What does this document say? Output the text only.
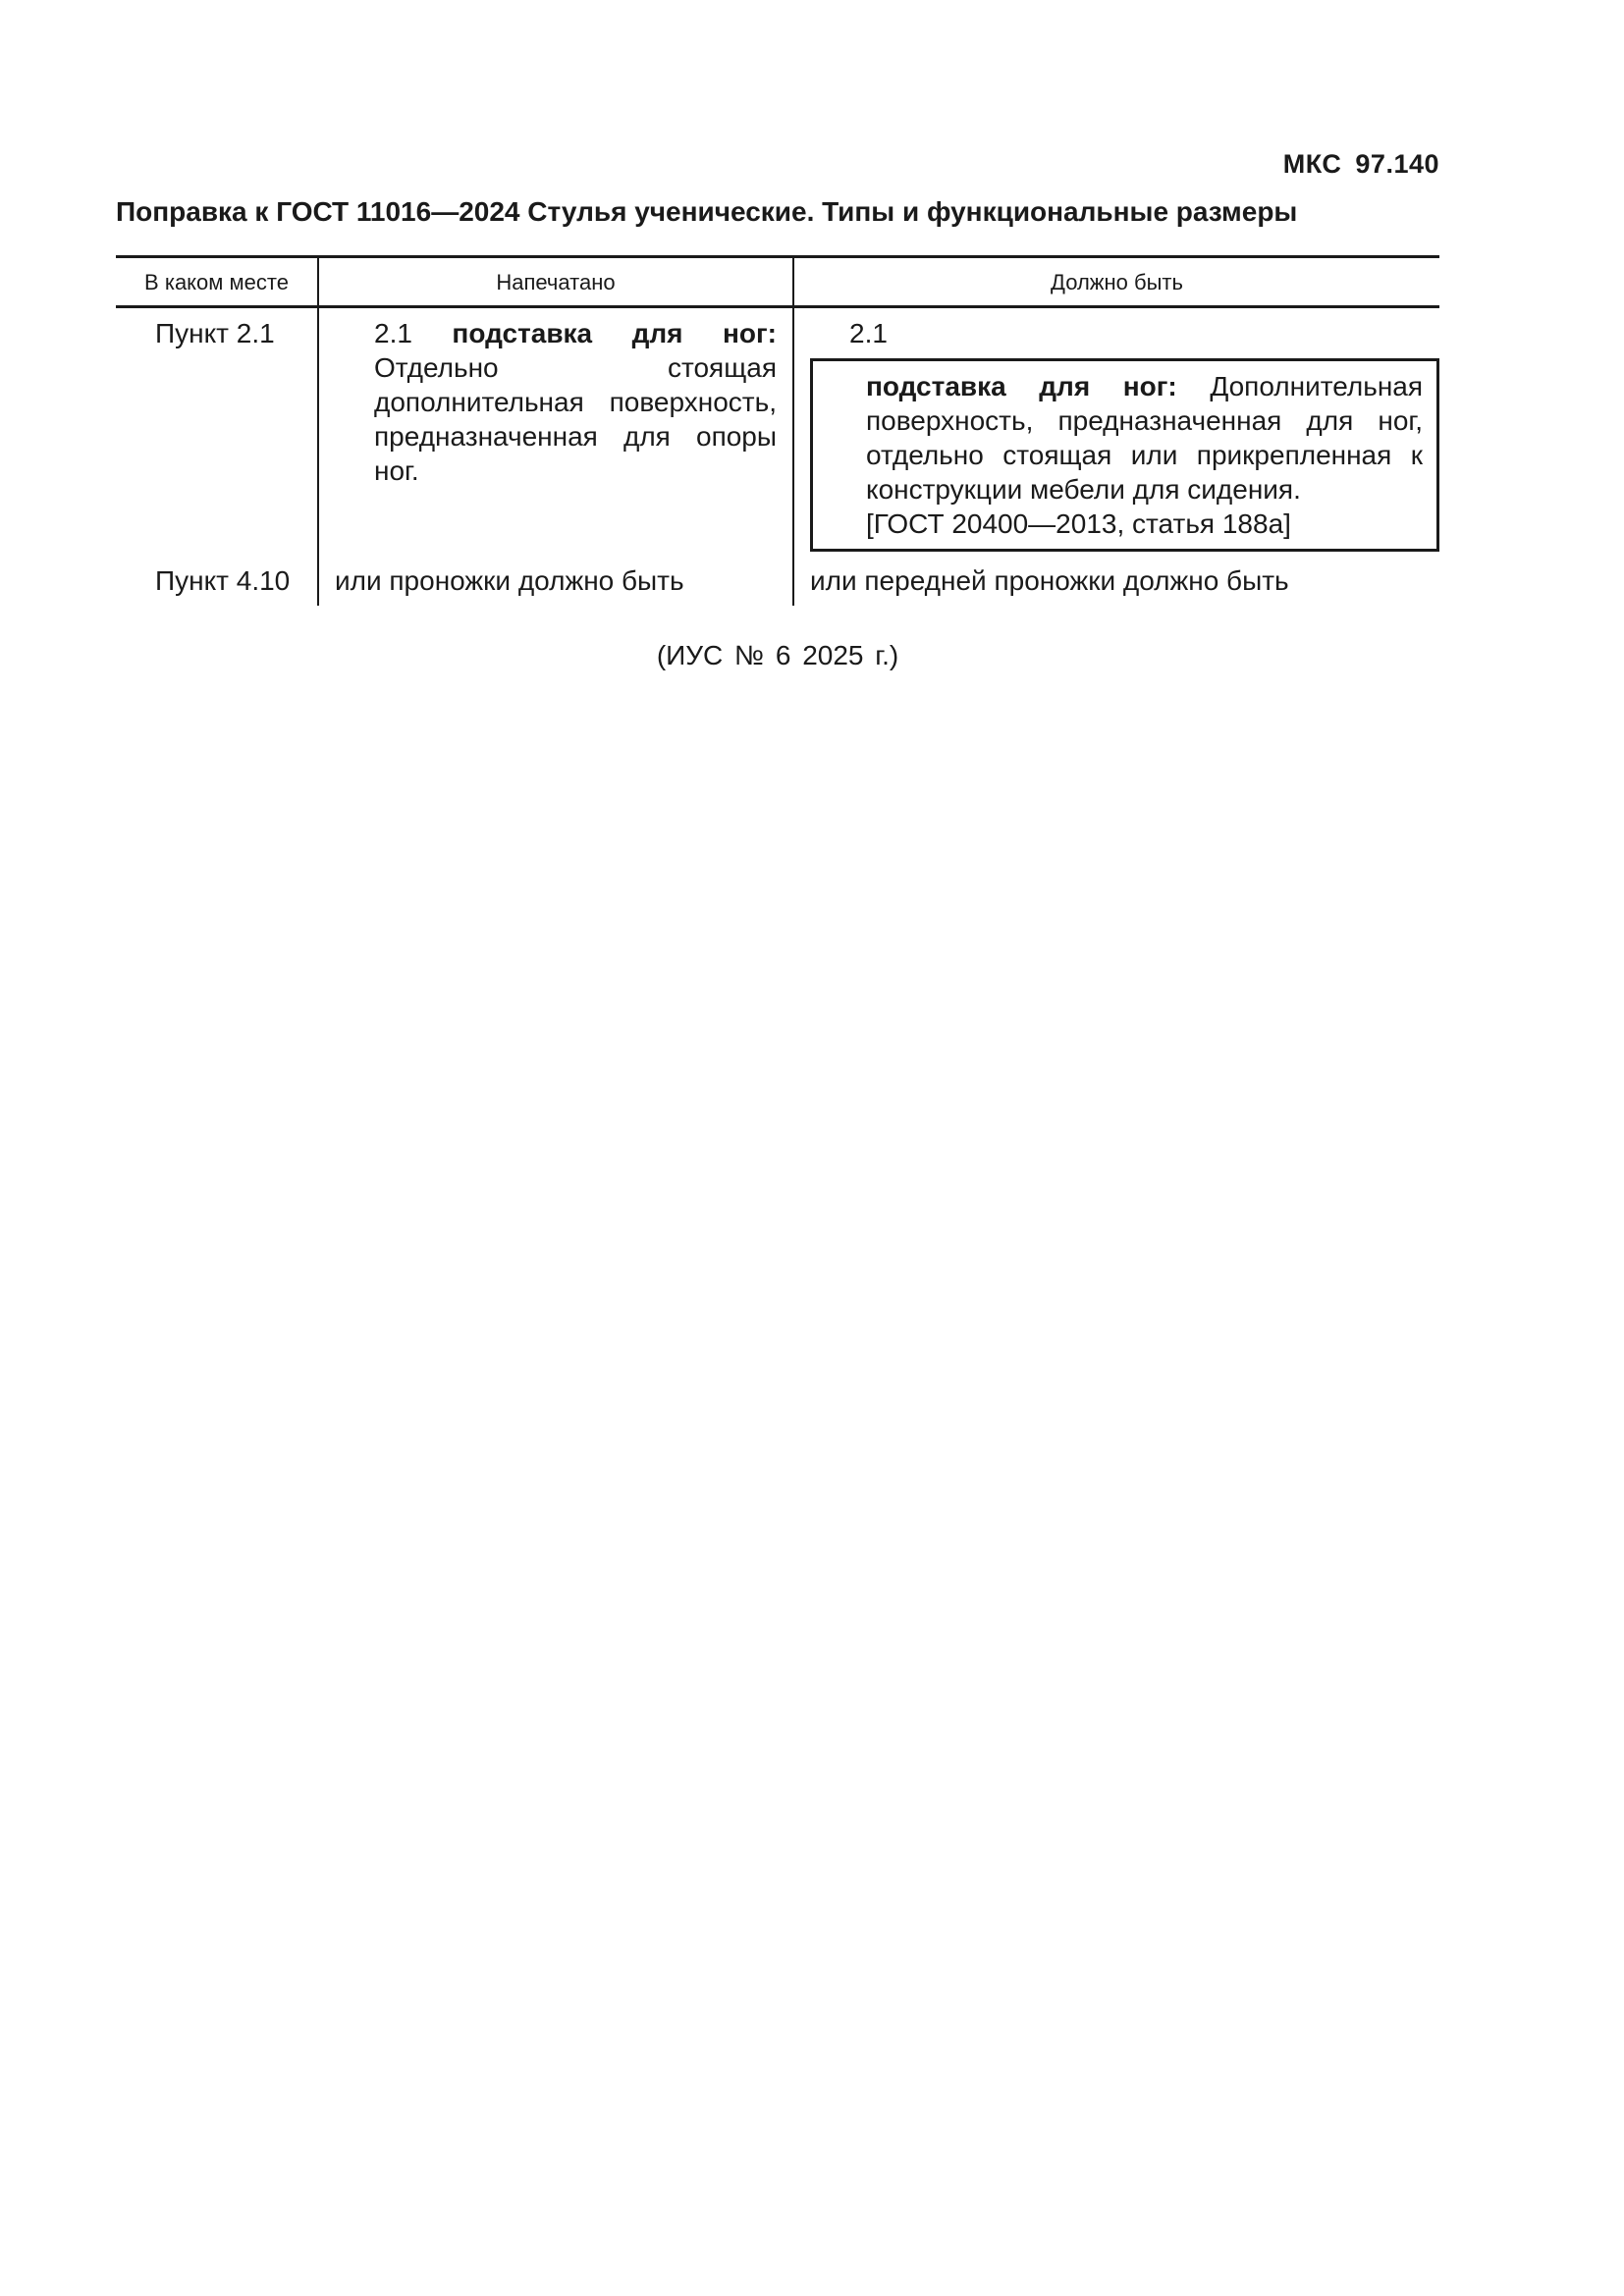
МКС 97.140
Поправка к ГОСТ 11016—2024 Стулья ученические. Типы и функциональные размеры
В каком месте	Напечатано	Должно быть
Пункт 2.1	2.1 подставка для ног: Отдельно стоящая дополнительная поверхность, предназначенная для опоры ног.	2.1
подставка для ног: Дополнительная поверхность, предназначенная для ног, отдельно стоящая или прикрепленная к конструкции мебели для сидения.
[ГОСТ 20400—2013, статья 188а]

Пункт 4.10	или проножки должно быть	или передней проножки должно быть
(ИУС № 6 2025 г.)
